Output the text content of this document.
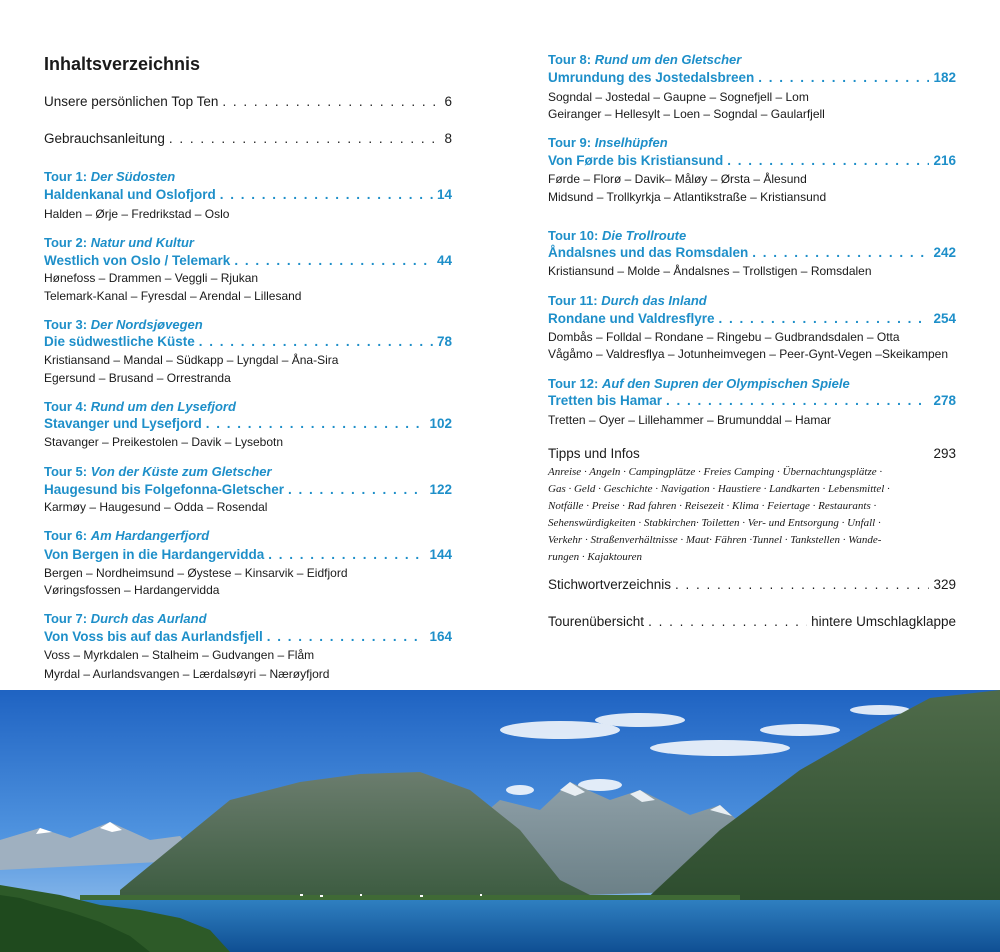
Inhaltsverzeichnis
Unsere persönlichen Top Ten . . .	6
Gebrauchsanleitung . . .	8
Tour 1: Der Südosten
Haldenkanal und Oslofjord . . .	14
Halden – Ørje – Fredrikstad – Oslo
Tour 2: Natur und Kultur
Westlich von Oslo / Telemark . . .	44
Hønefoss – Drammen – Veggli – Rjukan
Telemark-Kanal – Fyresdal – Arendal – Lillesand
Tour 3: Der Nordsjøvegen
Die südwestliche Küste . . .	78
Kristiansand – Mandal – Südkapp – Lyngdal – Åna-Sira
Egersund – Brusand – Orrestranda
Tour 4: Rund um den Lysefjord
Stavanger und Lysefjord . . .	102
Stavanger – Preikestolen – Davik – Lysebotn
Tour 5: Von der Küste zum Gletscher
Haugesund bis Folgefonna-Gletscher . . .	122
Karmøy – Haugesund – Odda – Rosendal
Tour 6: Am Hardangerfjord
Von Bergen in die Hardangervidda . . .	144
Bergen – Nordheimsund – Øystese – Kinsarvik – Eidfjord
Vøringsfossen – Hardangervidda
Tour 7: Durch das Aurland
Von Voss bis auf das Aurlandsfjell . . .	164
Voss – Myrkdalen – Stalheim – Gudvangen – Flåm
Myrdal – Aurlandsvangen – Lærdalsøyri – Nærøyfjord
Tour 8: Rund um den Gletscher
Umrundung des Jostedalsbreen . . .	182
Sogndal – Jostedal – Gaupne – Sognefjell – Lom
Geiranger – Hellesylt – Loen – Sogndal – Gaularfjell
Tour 9: Inselhüpfen
Von Førde bis Kristiansund . . .	216
Førde – Florø – Davik– Måløy – Ørsta – Ålesund
Midsund – Trollkyrkja – Atlantikstraße – Kristiansund
Tour 10: Die Trollroute
Åndalsnes und das Romsdalen . . .	242
Kristiansund – Molde – Åndalsnes – Trollstigen – Romsdalen
Tour 11: Durch das Inland
Rondane und Valdresflyre . . .	254
Dombås – Folldal – Rondane – Ringebu – Gudbrandsdalen – Otta
Vågåmo – Valdresflya – Jotunheimvegen – Peer-Gynt-Vegen –Skeikampen
Tour 12: Auf den Supren der Olympischen Spiele
Tretten bis Hamar . . .	278
Tretten – Oyer – Lillehammer – Brumunddal – Hamar
Tipps und Infos	293
Anreise · Angeln · Campingplätze · Freies Camping · Übernachtungsplätze ·
Gas · Geld · Geschichte · Navigation · Haustiere · Landkarten · Lebensmittel ·
Notfälle · Preise · Rad fahren · Reisezeit · Klima · Feiertage · Restaurants ·
Sehenswürdigkeiten · Stabkirchen· Toiletten · Ver- und Entsorgung · Unfall ·
Verkehr · Straßenverhältnisse · Maut· Fähren ·Tunnel · Tankstellen · Wande-
rungen · Kajaktouren
Stichwortverzeichnis . . .	329
Tourenübersicht . . .	hintere Umschlagklappe
